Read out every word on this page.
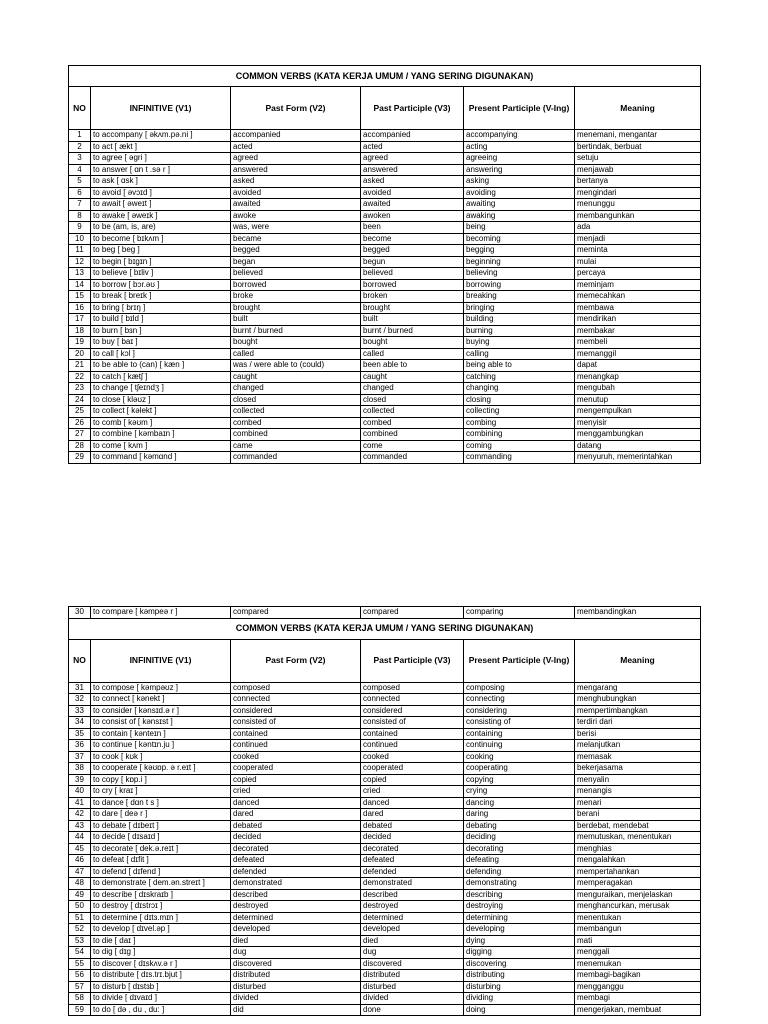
COMMON VERBS (KATA KERJA UMUM / YANG SERING DIGUNAKAN)					
NO	INFINITIVE (V1)	Past Form (V2)	Past Participle (V3)	Present Participle (V-Ing)	Meaning
1	to accompany [ əkʌm.pə.ni ]	accompanied	accompanied	accompanying	menemani, mengantar
2	to act [ ækt ]	acted	acted	acting	bertindak, berbuat
3	to agree [ əgri ]	agreed	agreed	agreeing	setuju
4	to answer [ ɑn t .sə r ]	answered	answered	answering	menjawab
5	to ask [ ɑsk ]	asked	asked	asking	bertanya
6	to avoid [ əvɔɪd ]	avoided	avoided	avoiding	mengindari
7	to await [ əweɪt ]	awaited	awaited	awaiting	menunggu
8	to awake [ əweɪk ]	awoke	awoken	awaking	membangunkan
9	to be (am, is, are)	was, were	been	being	ada
10	to become [ bɪkʌm ]	became	become	becoming	menjadi
11	to beg [ beg ]	begged	begged	begging	meminta
12	to begin [ bɪgɪn ]	began	begun	beginning	mulai
13	to believe [ bɪliv ]	believed	believed	believing	percaya
14	to borrow [ bɔr.əʊ ]	borrowed	borrowed	borrowing	meminjam
15	to break [ breɪk ]	broke	broken	breaking	memecahkan
16	to bring [ brɪŋ ]	brought	brought	bringing	membawa
17	to build [ bɪld ]	built	built	building	mendirikan
18	to burn [ bɜn ]	burnt / burned	burnt / burned	burning	membakar
19	to buy [ baɪ ]	bought	bought	buying	membeli
20	to call [ kɔl ]	called	called	calling	memanggil
21	to be able to (can) [ kæn ]	was / were able to (could)	been able to	being able to	dapat
22	to catch [ kætʃ ]	caught	caught	catching	menangkap
23	to change [ tʃeɪndʒ ]	changed	changed	changing	mengubah
24	to close [ kləʊz ]	closed	closed	closing	menutup
25	to collect [ kəlekt ]	collected	collected	collecting	mengempulkan
26	to comb [ kəʊm ]	combed	combed	combing	menyisir
27	to combine [ kəmbaɪn ]	combined	combined	combining	menggambungkan
28	to come [ kʌm ]	came	come	coming	datang
29	to command [ kəmɑnd ]	commanded	commanded	commanding	menyuruh, memerintahkan
30	to compare [ kəmpeə r ]	compared	compared	comparing	membandingkan
COMMON VERBS (KATA KERJA UMUM / YANG SERING DIGUNAKAN)					
NO	INFINITIVE (V1)	Past Form (V2)	Past Participle (V3)	Present Participle (V-Ing)	Meaning
31	to compose [ kəmpəʊz ]	composed	composed	composing	mengarang
32	to connect [ kənekt ]	connected	connected	connecting	menghubungkan
33	to consider [ kənsɪd.ə r ]	considered	considered	considering	mempertimbangkan
34	to consist of [ kənsɪst ]	consisted of	consisted of	consisting of	terdiri dari
35	to contain [ kənteɪn ]	contained	contained	containing	berisi
36	to continue [ kəntɪn.ju ]	continued	continued	continuing	melanjutkan
37	to cook [ kʊk ]	cooked	cooked	cooking	memasak
38	to cooperate [ kəʊɒp. ə r.eɪt ]	cooperated	cooperated	cooperating	bekerjasama
39	to copy [ kɒp.i ]	copied	copied	copying	menyalin
40	to cry [ kraɪ ]	cried	cried	crying	menangis
41	to dance [ dɑn t s ]	danced	danced	dancing	menari
42	to dare [ deə r ]	dared	dared	daring	berani
43	to debate [ dɪbeɪt ]	debated	debated	debating	berdebat, mendebat
44	to decide [ dɪsaɪd ]	decided	decided	deciding	memutuskan, menentukan
45	to decorate [ dek.ə.reɪt ]	decorated	decorated	decorating	menghias
46	to defeat [ dɪfit ]	defeated	defeated	defeating	mengalahkan
47	to defend [ dɪfend ]	defended	defended	defending	mempertahankan
48	to demonstrate [ dem.ən.streɪt ]	demonstrated	demonstrated	demonstrating	memperagakan
49	to describe [ dɪskraɪb ]	described	described	describing	menguraikan, menjelaskan
50	to destroy [ dɪstrɔɪ ]	destroyed	destroyed	destroying	menghancurkan, merusak
51	to determine [ dɪtɜ.mɪn ]	determined	determined	determining	menentukan
52	to develop [ dɪvel.əp ]	developed	developed	developing	membangun
53	to die [ daɪ ]	died	died	dying	mati
54	to dig [ dɪg ]	dug	dug	digging	menggali
55	to discover [ dɪskʌv.ə r ]	discovered	discovered	discovering	menemukan
56	to distribute [ dɪs.trɪ.bjut ]	distributed	distributed	distributing	membagi-bagikan
57	to disturb [ dɪstɜb ]	disturbed	disturbed	disturbing	mengganggu
58	to divide [ dɪvaɪd ]	divided	divided	dividing	membagi
59	to do [ də , du , du: ]	did	done	doing	mengerjakan, membuat
